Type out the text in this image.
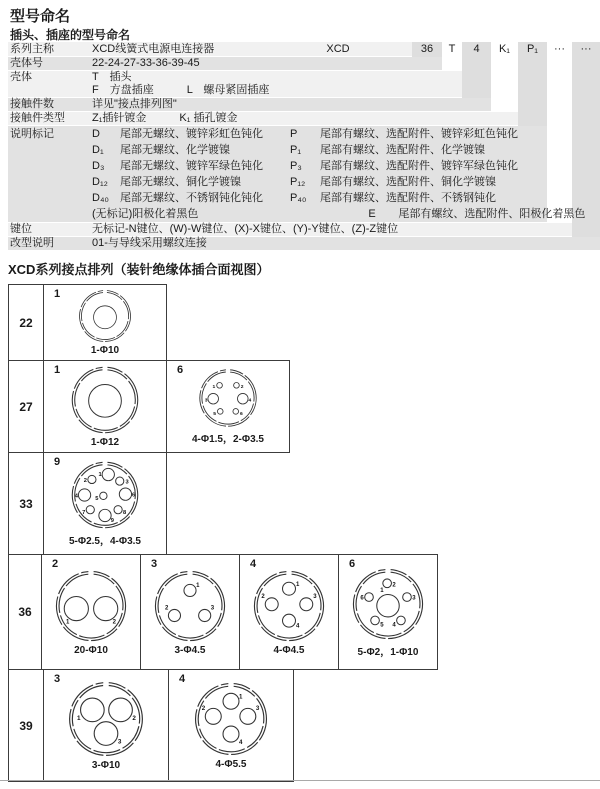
型号命名
插头、插座的型号命名
系列主称	XCD线簧式电源电连接器
壳体号	22-24-27-33-36-39-45
壳体	T　插头
F　方盘插座　　　L　螺母紧固插座
接触件数	详见"接点排列图"
接触件类型	Z₁插针镀金　　　K₁ 插孔镀金
说明标记	D	尾部无螺纹、镀锌彩虹色钝化	P	尾部有螺纹、选配附件、镀锌彩虹色钝化
D₁	尾部无螺纹、化学镀镍	P₁	尾部有螺纹、选配附件、化学镀镍
D₃	尾部无螺纹、镀锌军绿色钝化	P₃	尾部有螺纹、选配附件、镀锌军绿色钝化
D₁₂	尾部无螺纹、铜化学镀镍	P₁₂	尾部有螺纹、选配附件、铜化学镀镍
D₄₀	尾部无螺纹、不锈钢钝化钝化	P₄₀	尾部有螺纹、选配附件、不锈钢钝化
(无标记)阳极化着黑色	E	尾部有螺纹、选配附件、阳极化着黑色
键位	无标记-N键位、(W)-W键位、(X)-X键位、(Y)-Y键位、(Z)-Z键位
改型说明	01-与导线采用螺纹连接
XCD	36	T	4	K₁	P₁	···	···
XCD系列接点排列（装针绝缘体插合面视图）
22
1
1-Φ10
27
1
1-Φ12
6
1	2
3	4
5	6
4-Φ1.5，2-Φ3.5
33
9
1
2	3
4 5
6
7	8
9
5-Φ2.5，4-Φ3.5
36
2
1	2
20-Φ10
3
1
2	3
3-Φ4.5
4
1
2	3
4
4-Φ4.5
6
1
2
3
4
5
6
5-Φ2，1-Φ10
39
3
1	2
3
3-Φ10
4
1
2	3
4
4-Φ5.5
